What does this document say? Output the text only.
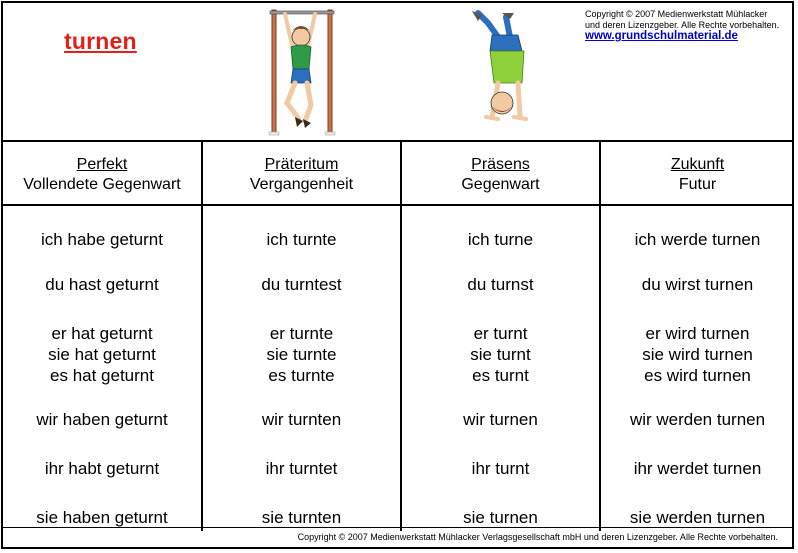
turnen
Copyright © 2007 Medienwerkstatt Mühlacker
und deren Lizenzgeber. Alle Rechte vorbehalten.
www.grundschulmaterial.de
Perfekt
Vollendete Gegenwart
ich habe geturnt
du hast geturnt
er hat geturnt
sie hat geturnt
es hat geturnt
wir haben geturnt
ihr habt geturnt
sie haben geturnt
Präteritum
Vergangenheit
ich turnte
du turntest
er turnte
sie turnte
es turnte
wir turnten
ihr turntet
sie turnten
Präsens
Gegenwart
ich turne
du turnst
er turnt
sie turnt
es turnt
wir turnen
ihr turnt
sie turnen
Zukunft
Futur
ich werde turnen
du wirst turnen
er wird turnen
sie wird turnen
es wird turnen
wir werden turnen
ihr werdet turnen
sie werden turnen
Copyright © 2007 Medienwerkstatt Mühlacker Verlagsgesellschaft mbH und deren Lizenzgeber. Alle Rechte vorbehalten.
